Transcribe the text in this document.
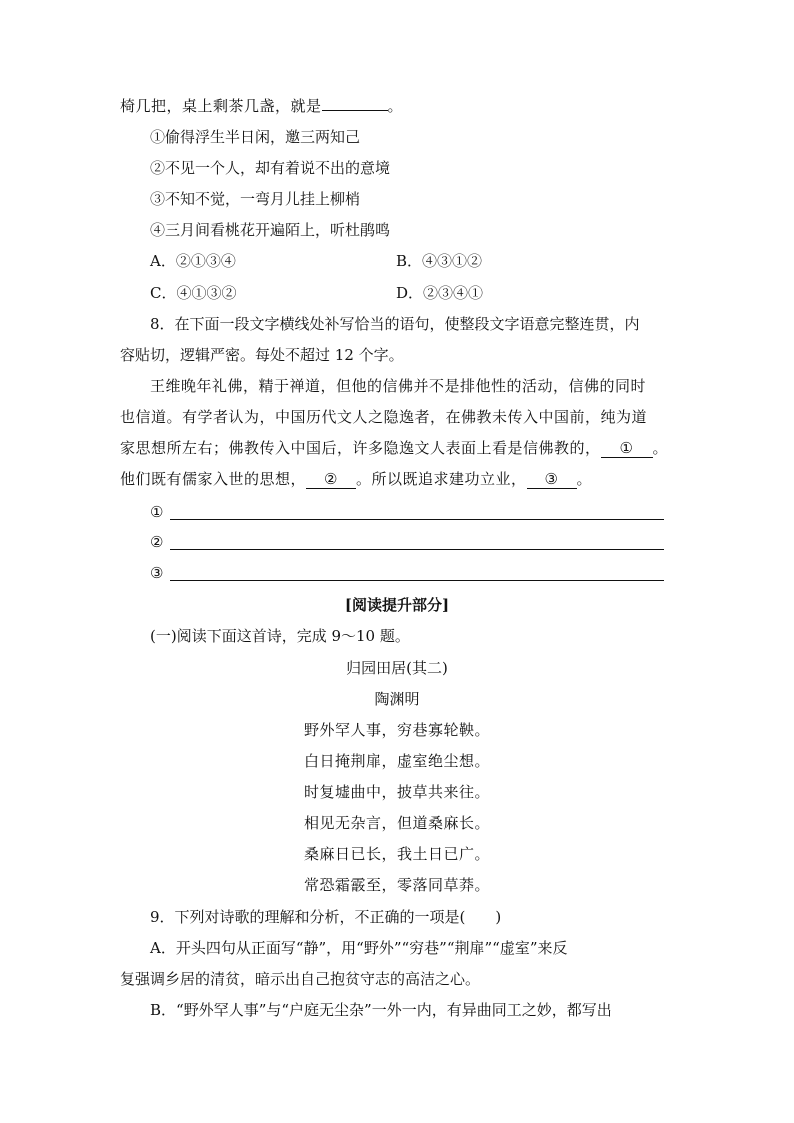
椅几把，桌上剩茶几盏，就是	。
①偷得浮生半日闲，邀三两知己
②不见一个人，却有着说不出的意境
③不知不觉，一弯月儿挂上柳梢
④三月间看桃花开遍陌上，听杜鹃鸣
A．②①③④	B．④③①②
C．④①③②	D．②③④①
8．在下面一段文字横线处补写恰当的语句，使整段文字语意完整连贯，内
容贴切，逻辑严密。每处不超过 12 个字。
王维晚年礼佛，精于禅道，但他的信佛并不是排他性的活动，信佛的同时
也信道。有学者认为，中国历代文人之隐逸者，在佛教未传入中国前，纯为道
家思想所左右；佛教传入中国后，许多隐逸文人表面上看是信佛教的， ① 。
他们既有儒家入世的思想， ② 。所以既追求建功立业， ③ 。
①
②
③
[阅读提升部分]
(一)阅读下面这首诗，完成 9～10 题。
归园田居(其二)
陶渊明
野外罕人事，穷巷寡轮鞅。
白日掩荆扉，虚室绝尘想。
时复墟曲中，披草共来往。
相见无杂言，但道桑麻长。
桑麻日已长，我土日已广。
常恐霜霰至，零落同草莽。
9．下列对诗歌的理解和分析，不正确的一项是(　　)
A．开头四句从正面写“静”，用“野外”“穷巷”“荆扉”“虚室”来反
复强调乡居的清贫，暗示出自己抱贫守志的高洁之心。
B．“野外罕人事”与“户庭无尘杂”一外一内，有异曲同工之妙，都写出
